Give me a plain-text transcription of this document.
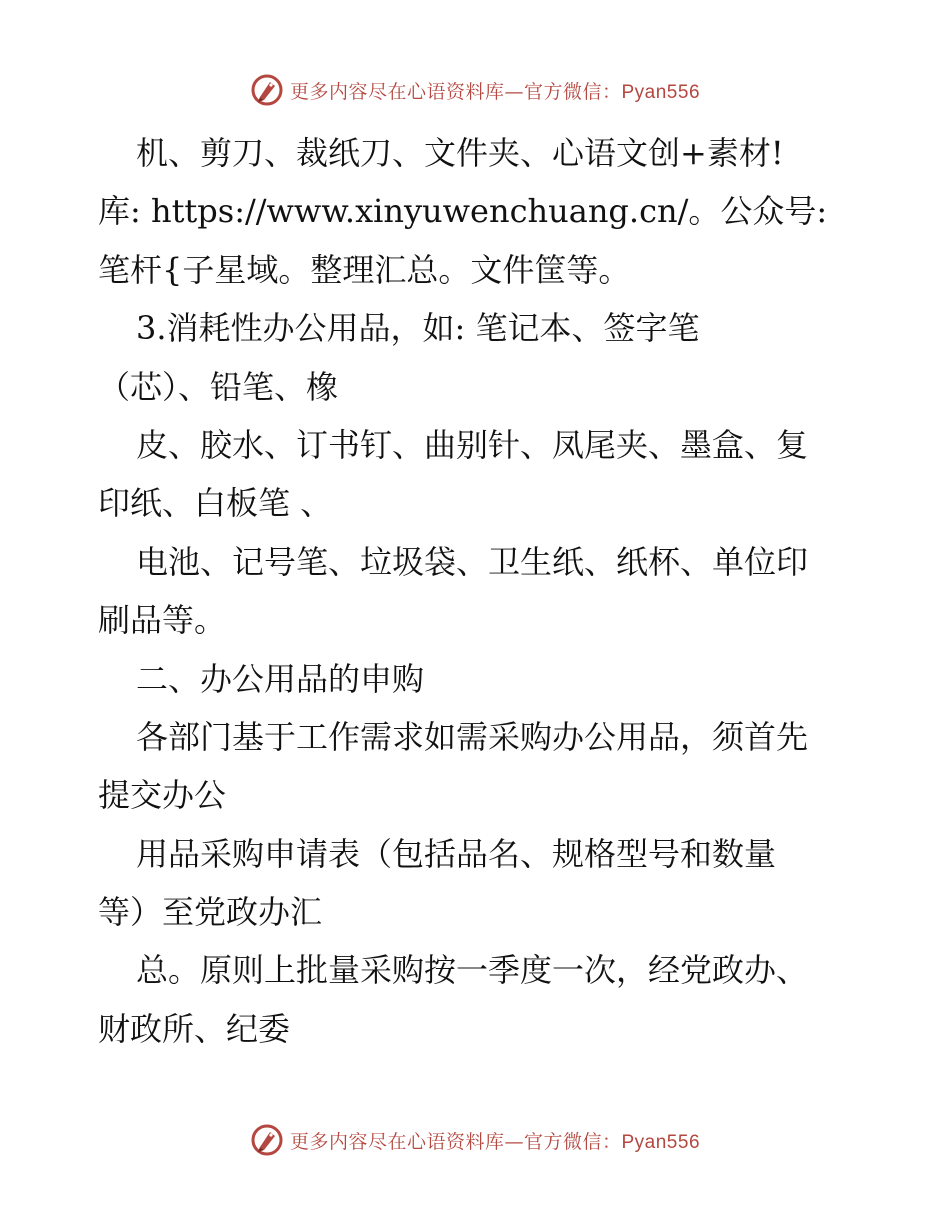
更多内容尽在心语资料库—官方微信：Pyan556
机、剪刀、裁纸刀、文件夹、心语文创+素材!
库: https://www.xinyuwenchuang.cn/。公众号:
笔杆{子星域。整理汇总。文件筐等。
3.消耗性办公用品，如: 笔记本、签字笔
（芯）、铅笔、橡
皮、胶水、订书钉、曲别针、凤尾夹、墨盒、复
印纸、白板笔 、
电池、记号笔、垃圾袋、卫生纸、纸杯、单位印
刷品等。
二、办公用品的申购
各部门基于工作需求如需采购办公用品，须首先
提交办公
用品采购申请表（包括品名、规格型号和数量
等）至党政办汇
总。原则上批量采购按一季度一次，经党政办、
财政所、纪委
更多内容尽在心语资料库—官方微信：Pyan556
